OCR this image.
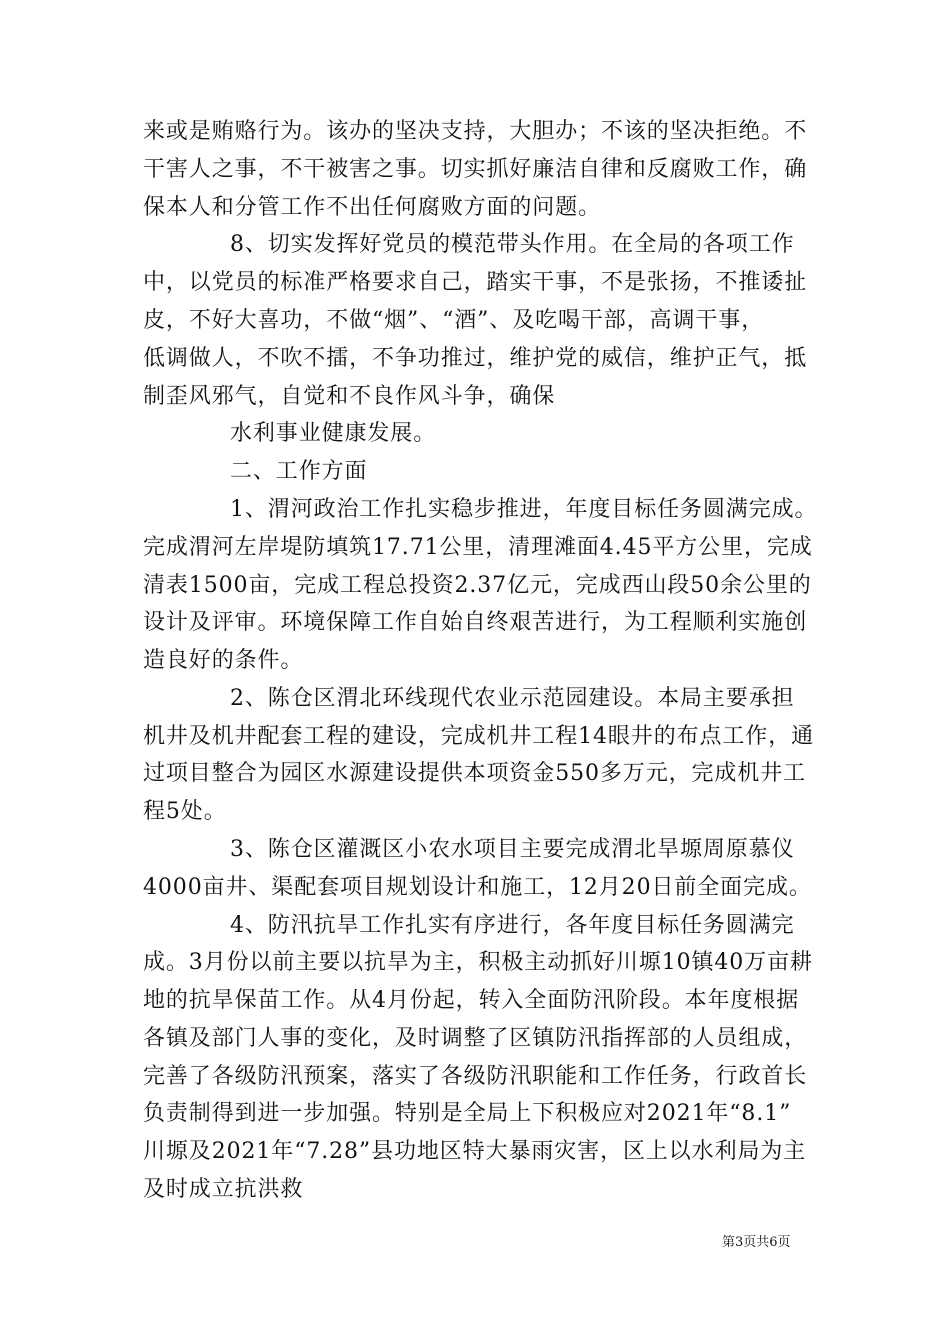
来或是贿赂行为。该办的坚决支持，大胆办；不该的坚决拒绝。不
干害人之事，不干被害之事。切实抓好廉洁自律和反腐败工作，确
保本人和分管工作不出任何腐败方面的问题。
8、切实发挥好党员的模范带头作用。在全局的各项工作
中，以党员的标准严格要求自己，踏实干事，不是张扬，不推诿扯
皮，不好大喜功，不做“烟”、“酒”、及吃喝干部，高调干事，
低调做人，不吹不擂，不争功推过，维护党的威信，维护正气，抵
制歪风邪气，自觉和不良作风斗争，确保
水利事业健康发展。
二、工作方面
1、渭河政治工作扎实稳步推进，年度目标任务圆满完成。
完成渭河左岸堤防填筑17.71公里，清理滩面4.45平方公里，完成
清表1500亩，完成工程总投资2.37亿元，完成西山段50余公里的
设计及评审。环境保障工作自始自终艰苦进行，为工程顺利实施创
造良好的条件。
2、陈仓区渭北环线现代农业示范园建设。本局主要承担
机井及机井配套工程的建设，完成机井工程14眼井的布点工作，通
过项目整合为园区水源建设提供本项资金550多万元，完成机井工
程5处。
3、陈仓区灌溉区小农水项目主要完成渭北旱塬周原慕仪
4000亩井、渠配套项目规划设计和施工，12月20日前全面完成。
4、防汛抗旱工作扎实有序进行，各年度目标任务圆满完
成。3月份以前主要以抗旱为主，积极主动抓好川塬10镇40万亩耕
地的抗旱保苗工作。从4月份起，转入全面防汛阶段。本年度根据
各镇及部门人事的变化，及时调整了区镇防汛指挥部的人员组成，
完善了各级防汛预案，落实了各级防汛职能和工作任务，行政首长
负责制得到进一步加强。特别是全局上下积极应对2021年“8.1”
川塬及2021年“7.28”县功地区特大暴雨灾害，区上以水利局为主
及时成立抗洪救
第3页共6页
